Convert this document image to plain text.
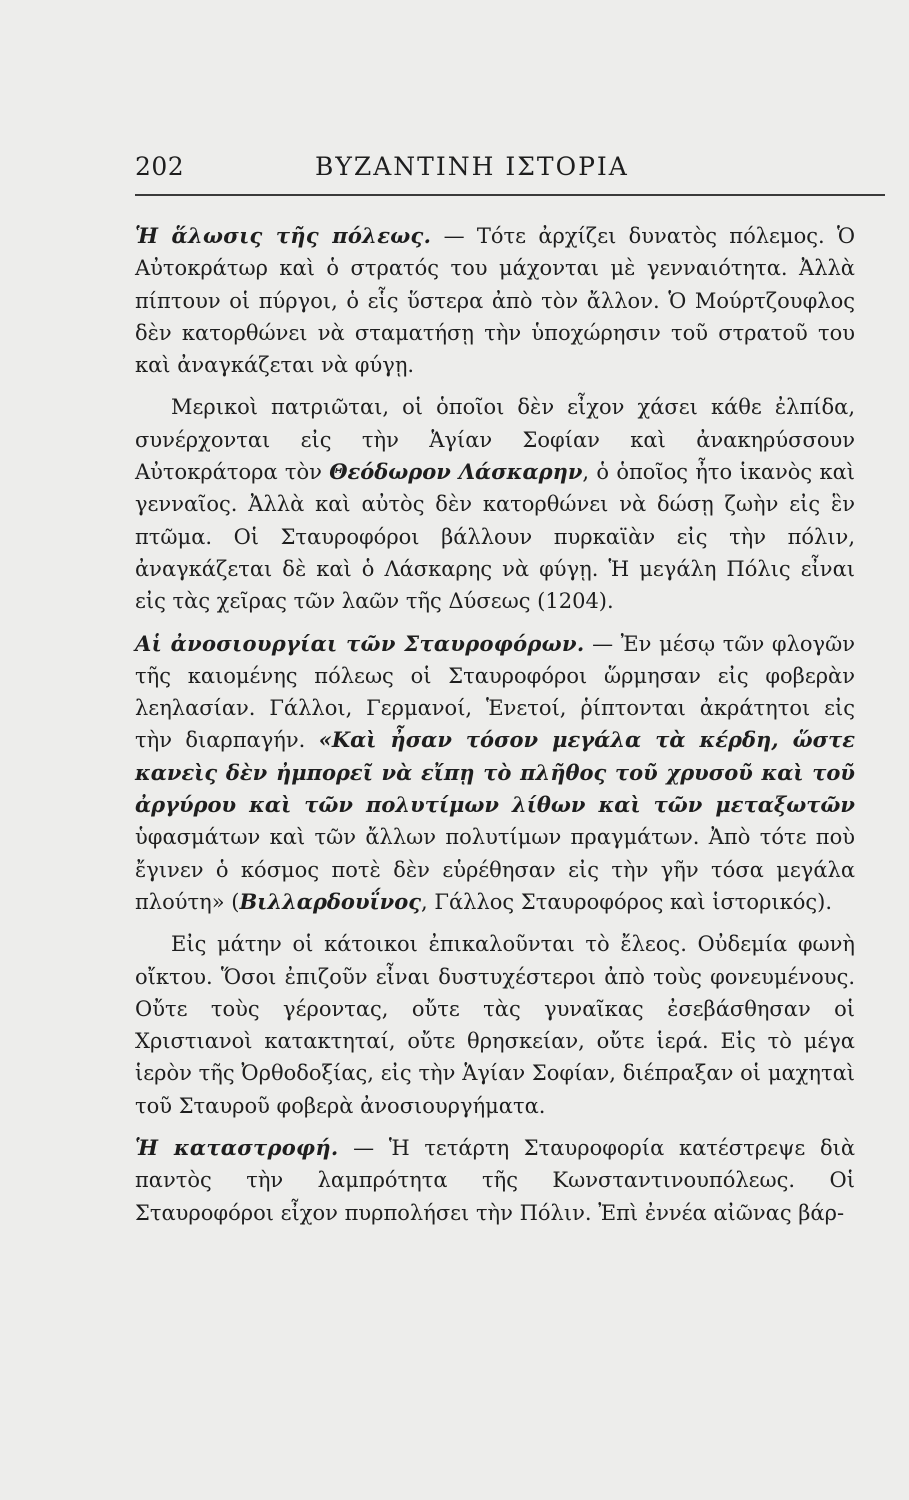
202	ΒΥΖΑΝΤΙΝΗ ΙΣΤΟΡΙΑ

Ἡ ἅλωσις τῆς πόλεως. — Τότε ἀρχίζει δυνατὸς πόλεμος. Ὁ Αὐτοκράτωρ καὶ ὁ στρατός του μάχονται μὲ γενναιότητα. Ἀλλὰ πίπτουν οἱ πύργοι, ὁ εἷς ὕστερα ἀπὸ τὸν ἄλλον. Ὁ Μούρτζουφλος δὲν κατορθώνει νὰ σταματήσῃ τὴν ὑποχώρησιν τοῦ στρατοῦ του καὶ ἀναγκάζεται νὰ φύγῃ.

Μερικοὶ πατριῶται, οἱ ὁποῖοι δὲν εἶχον χάσει κάθε ἐλπίδα, συνέρχονται εἰς τὴν Ἁγίαν Σοφίαν καὶ ἀνακηρύσσουν Αὐτοκράτορα τὸν Θεόδωρον Λάσκαρην, ὁ ὁποῖος ἦτο ἱκανὸς καὶ γενναῖος. Ἀλλὰ καὶ αὐτὸς δὲν κατορθώνει νὰ δώσῃ ζωὴν εἰς ἓν πτῶμα. Οἱ Σταυροφόροι βάλλουν πυρκαϊὰν εἰς τὴν πόλιν, ἀναγκάζεται δὲ καὶ ὁ Λάσκαρης νὰ φύγῃ. Ἡ μεγάλη Πόλις εἶναι εἰς τὰς χεῖρας τῶν λαῶν τῆς Δύσεως (1204).

Αἱ ἀνοσιουργίαι τῶν Σταυροφόρων. — Ἐν μέσῳ τῶν φλογῶν τῆς καιομένης πόλεως οἱ Σταυροφόροι ὥρμησαν εἰς φοβερὰν λεηλασίαν. Γάλλοι, Γερμανοί, Ἑνετοί, ῥίπτονται ἀκράτητοι εἰς τὴν διαρπαγήν. «Καὶ ἦσαν τόσον μεγάλα τὰ κέρδη, ὥστε κανεὶς δὲν ἠμπορεῖ νὰ εἴπῃ τὸ πλῆθος τοῦ χρυσοῦ καὶ τοῦ ἀργύρου καὶ τῶν πολυτίμων λίθων καὶ τῶν μεταξωτῶν ὑφασμάτων καὶ τῶν ἄλλων πολυτίμων πραγμάτων. Ἀπὸ τότε ποὺ ἔγινεν ὁ κόσμος ποτὲ δὲν εὑρέθησαν εἰς τὴν γῆν τόσα μεγάλα πλούτη» (Βιλλαρδουΐνος, Γάλλος Σταυροφόρος καὶ ἱστορικός).

Εἰς μάτην οἱ κάτοικοι ἐπικαλοῦνται τὸ ἔλεος. Οὐδεμία φωνὴ οἴκτου. Ὅσοι ἐπιζοῦν εἶναι δυστυχέστεροι ἀπὸ τοὺς φονευμένους. Οὔτε τοὺς γέροντας, οὔτε τὰς γυναῖκας ἐσεβάσθησαν οἱ Χριστιανοὶ κατακτηταί, οὔτε θρησκείαν, οὔτε ἱερά. Εἰς τὸ μέγα ἱερὸν τῆς Ὀρθοδοξίας, εἰς τὴν Ἁγίαν Σοφίαν, διέπραξαν οἱ μαχηταὶ τοῦ Σταυροῦ φοβερὰ ἀνοσιουργήματα.

Ἡ καταστροφή. — Ἡ τετάρτη Σταυροφορία κατέστρεψε διὰ παντὸς τὴν λαμπρότητα τῆς Κωνσταντινουπόλεως. Οἱ Σταυροφόροι εἶχον πυρπολήσει τὴν Πόλιν. Ἐπὶ ἐννέα αἰῶνας βάρ-
